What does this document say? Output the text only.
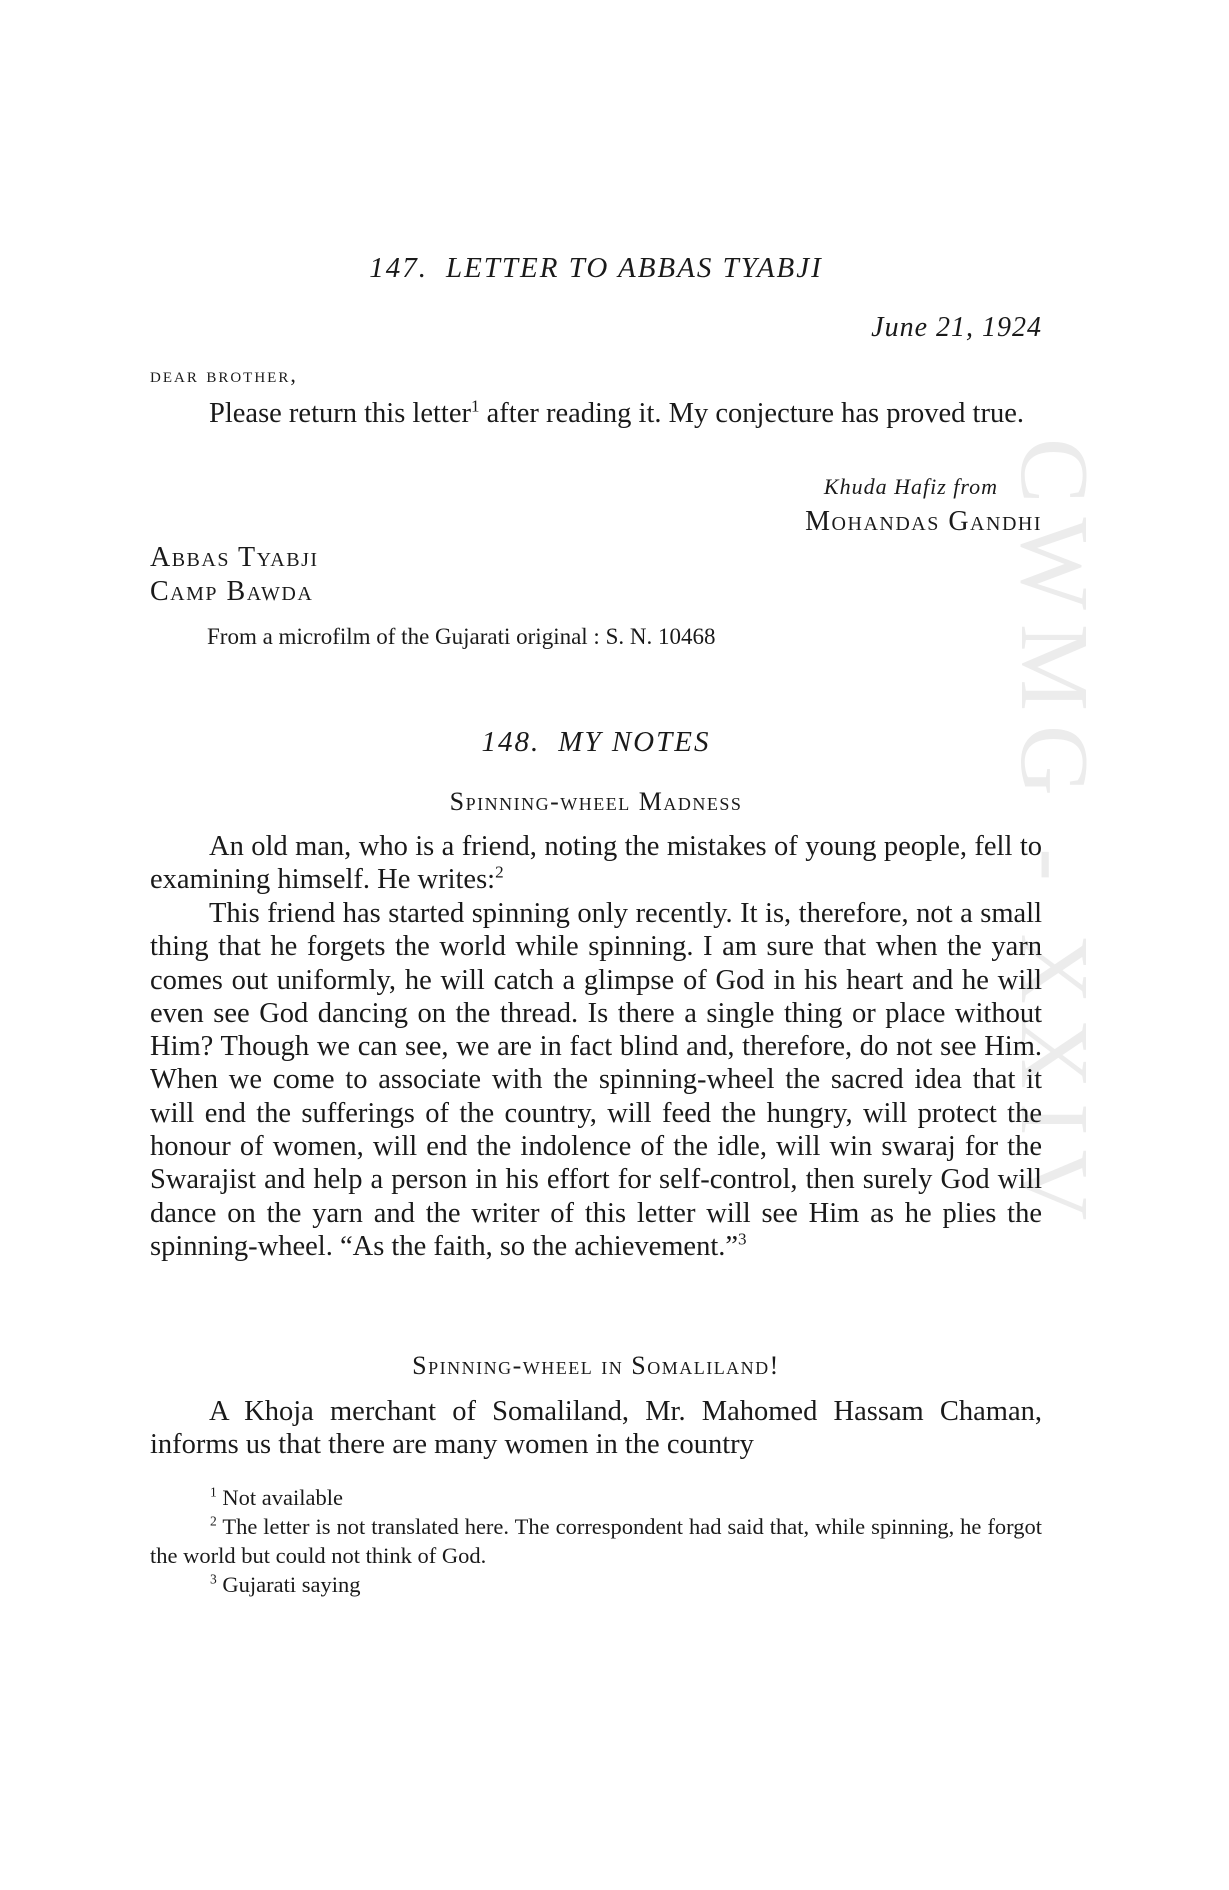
CWMG - XXIV
147. LETTER TO ABBAS TYABJI
June 21, 1924
dear brother,
Please return this letter$^1$ after reading it. My conjecture has proved true.
Khuda Hafiz from
Mohandas Gandhi
Abbas Tyabji
Camp Bawda
From a microfilm of the Gujarati original : S. N. 10468
148. MY NOTES
Spinning-wheel Madness
An old man, who is a friend, noting the mistakes of young people, fell to examining himself. He writes:$^2$
This friend has started spinning only recently. It is, therefore, not a small thing that he forgets the world while spinning. I am sure that when the yarn comes out uniformly, he will catch a glimpse of God in his heart and he will even see God dancing on the thread. Is there a single thing or place without Him? Though we can see, we are in fact blind and, therefore, do not see Him. When we come to associate with the spinning-wheel the sacred idea that it will end the sufferings of the country, will feed the hungry, will protect the honour of women, will end the indolence of the idle, will win swaraj for the Swarajist and help a person in his effort for self-control, then surely God will dance on the yarn and the writer of this letter will see Him as he plies the spinning-wheel. “As the faith, so the achievement.”$^3$
Spinning-wheel in Somaliland!
A Khoja merchant of Somaliland, Mr. Mahomed Hassam Chaman, informs us that there are many women in the country

$^1$ Not available

$^2$ The letter is not translated here. The correspondent had said that, while spinning, he forgot the world but could not think of God.

$^3$ Gujarati saying
